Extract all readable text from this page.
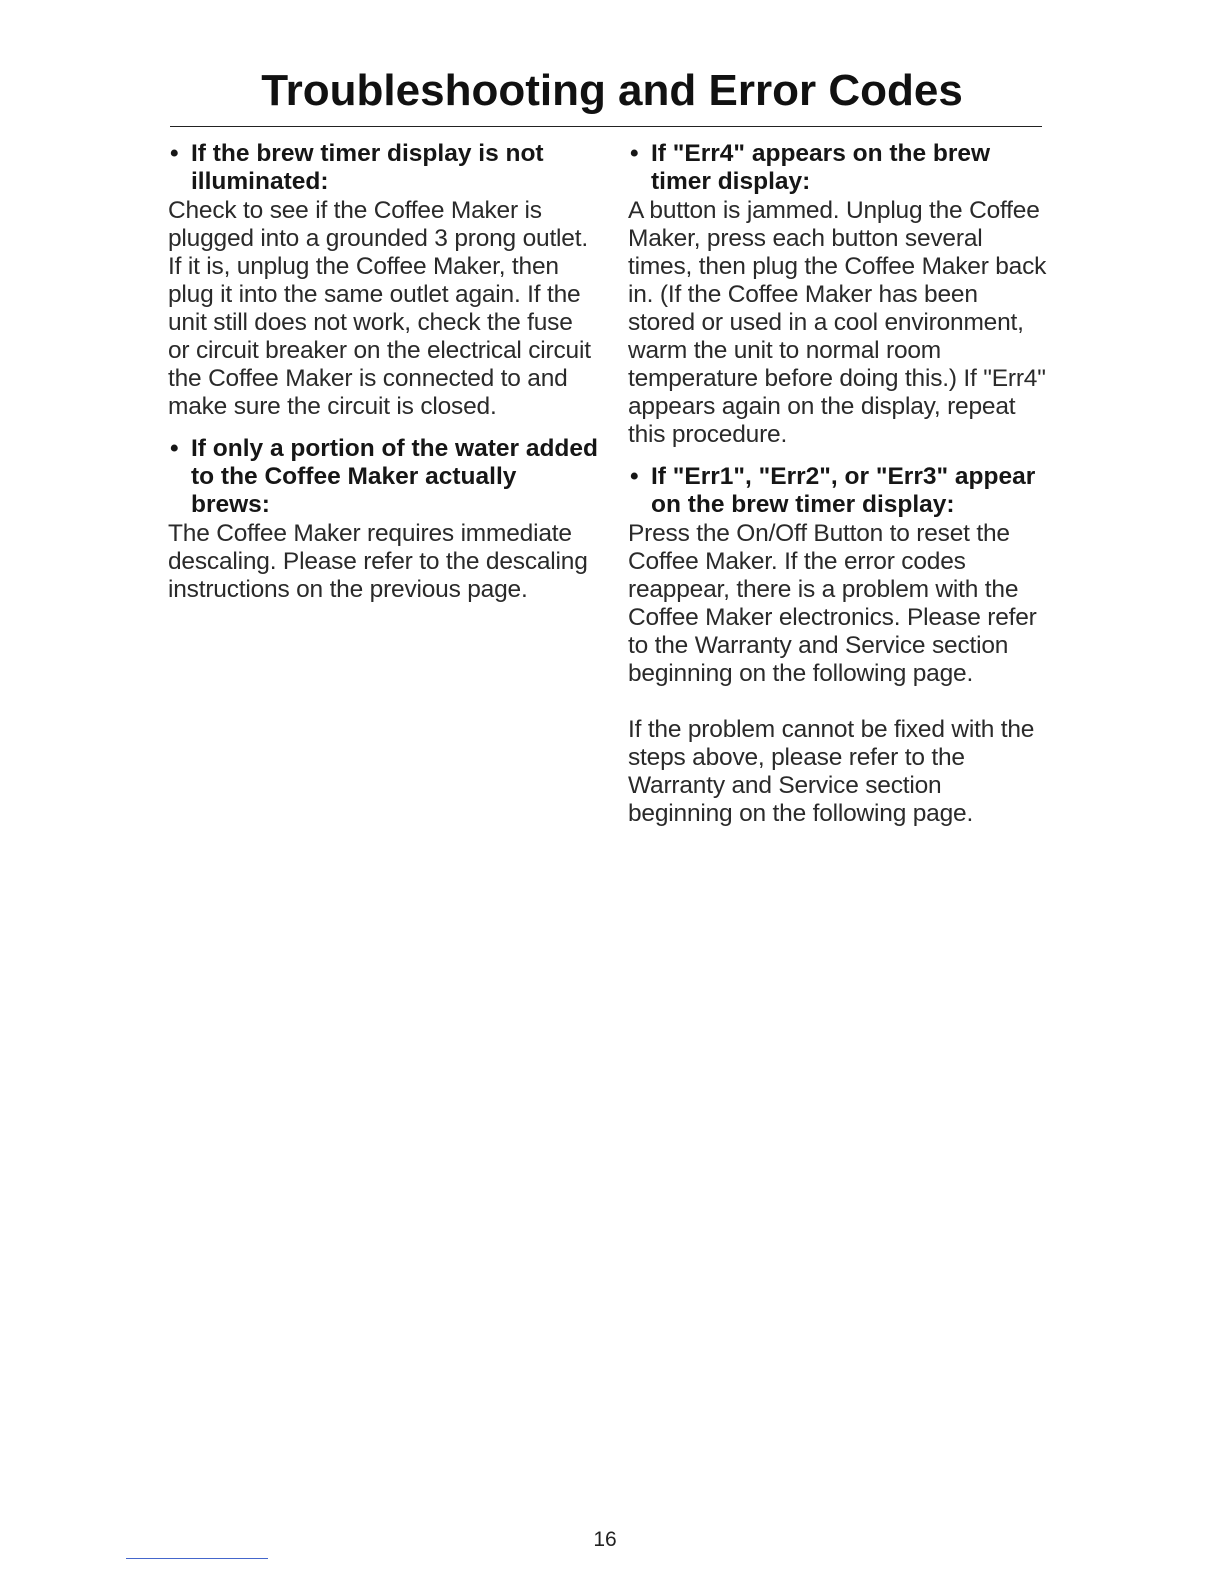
Troubleshooting and Error Codes
• If the brew timer display is not illuminated:

Check to see if the Coffee Maker is plugged into a grounded 3 prong outlet. If it is, unplug the Coffee Maker, then plug it into the same outlet again. If the unit still does not work, check the fuse or circuit breaker on the electrical circuit the Coffee Maker is connected to and make sure the circuit is closed.

• If only a portion of the water added to the Coffee Maker actually brews:

The Coffee Maker requires immediate descaling. Please refer to the descaling instructions on the previous page.

• If "Err4" appears on the brew timer display:

A button is jammed. Unplug the Coffee Maker, press each button several times, then plug the Coffee Maker back in. (If the Coffee Maker has been stored or used in a cool environment, warm the unit to normal room temperature before doing this.) If "Err4" appears again on the display, repeat this procedure.

• If "Err1", "Err2", or "Err3" appear on the brew timer display:

Press the On/Off Button to reset the Coffee Maker. If the error codes reappear, there is a problem with the Coffee Maker electronics. Please refer to the Warranty and Service section beginning on the following page.

If the problem cannot be fixed with the steps above, please refer to the Warranty and Service section beginning on the following page.

16
